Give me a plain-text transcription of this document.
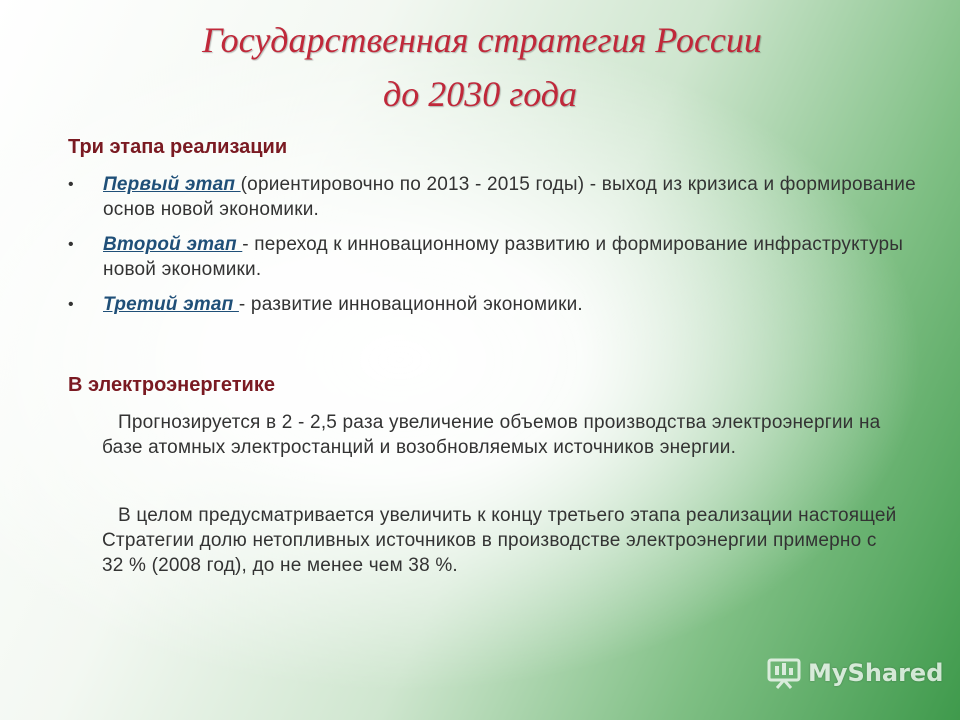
Государственная стратегия России
до 2030 года
Три этапа реализации
• Первый этап (ориентировочно по 2013 - 2015 годы) - выход из кризиса и формирование основ новой экономики.
• Второй этап - переход к инновационному развитию и формирование инфраструктуры новой экономики.
• Третий этап - развитие инновационной экономики.
В электроэнергетике
Прогнозируется в 2 - 2,5 раза увеличение объемов производства электроэнергии на базе атомных электростанций и возобновляемых источников энергии.
В целом предусматривается увеличить к концу третьего этапа реализации настоящей Стратегии долю нетопливных источников в производстве электроэнергии примерно с 32 % (2008 год), до не менее чем 38 %.
MyShared
